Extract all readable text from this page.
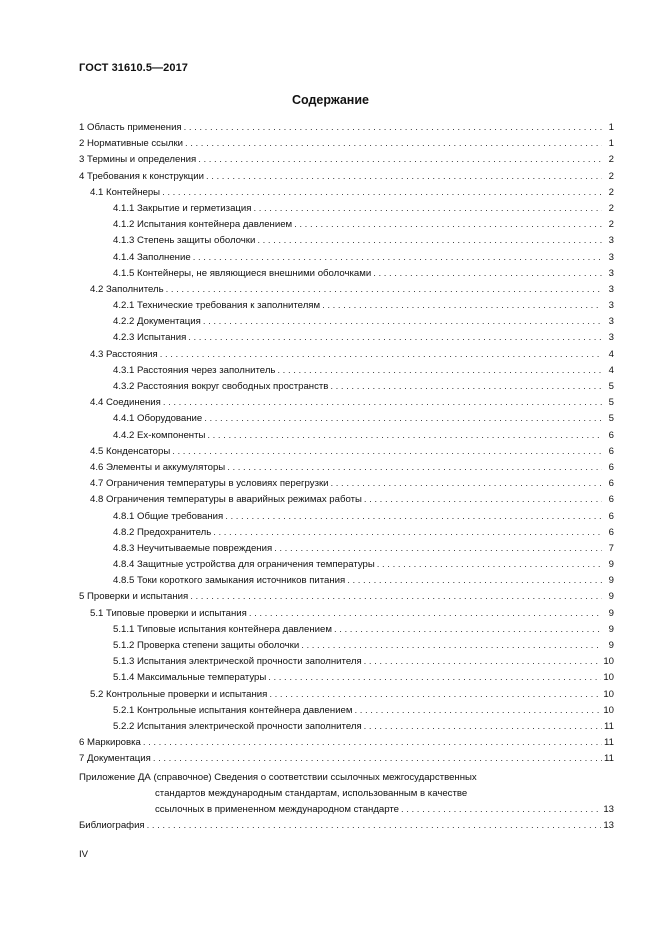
ГОСТ 31610.5—2017
Содержание
1 Область применения .....	1
2 Нормативные ссылки .....	1
3 Термины и определения .....	2
4 Требования к конструкции .....	2
4.1 Контейнеры .....	2
4.1.1 Закрытие и герметизация .....	2
4.1.2 Испытания контейнера давлением .....	2
4.1.3 Степень защиты оболочки .....	3
4.1.4 Заполнение .....	3
4.1.5 Контейнеры, не являющиеся внешними оболочками .....	3
4.2 Заполнитель .....	3
4.2.1 Технические требования к заполнителям .....	3
4.2.2 Документация .....	3
4.2.3 Испытания .....	3
4.3 Расстояния .....	4
4.3.1 Расстояния через заполнитель .....	4
4.3.2 Расстояния вокруг свободных пространств .....	5
4.4 Соединения .....	5
4.4.1 Оборудование .....	5
4.4.2 Ex-компоненты .....	6
4.5 Конденсаторы .....	6
4.6 Элементы и аккумуляторы .....	6
4.7 Ограничения температуры в условиях перегрузки .....	6
4.8 Ограничения температуры в аварийных режимах работы .....	6
4.8.1 Общие требования .....	6
4.8.2 Предохранитель .....	6
4.8.3 Неучитываемые повреждения .....	7
4.8.4 Защитные устройства для ограничения температуры .....	9
4.8.5 Токи короткого замыкания источников питания .....	9
5 Проверки и испытания .....	9
5.1 Типовые проверки и испытания .....	9
5.1.1 Типовые испытания контейнера давлением .....	9
5.1.2 Проверка степени защиты оболочки .....	9
5.1.3 Испытания электрической прочности заполнителя .....	10
5.1.4 Максимальные температуры .....	10
5.2 Контрольные проверки и испытания .....	10
5.2.1 Контрольные испытания контейнера давлением .....	10
5.2.2 Испытания электрической прочности заполнителя .....	11
6 Маркировка .....	11
7 Документация .....	11
Приложение ДА (справочное) Сведения о соответствии ссылочных межгосударственных
стандартов международным стандартам, использованным в качестве
ссылочных в примененном международном стандарте .....	13
Библиография .....	13
IV
